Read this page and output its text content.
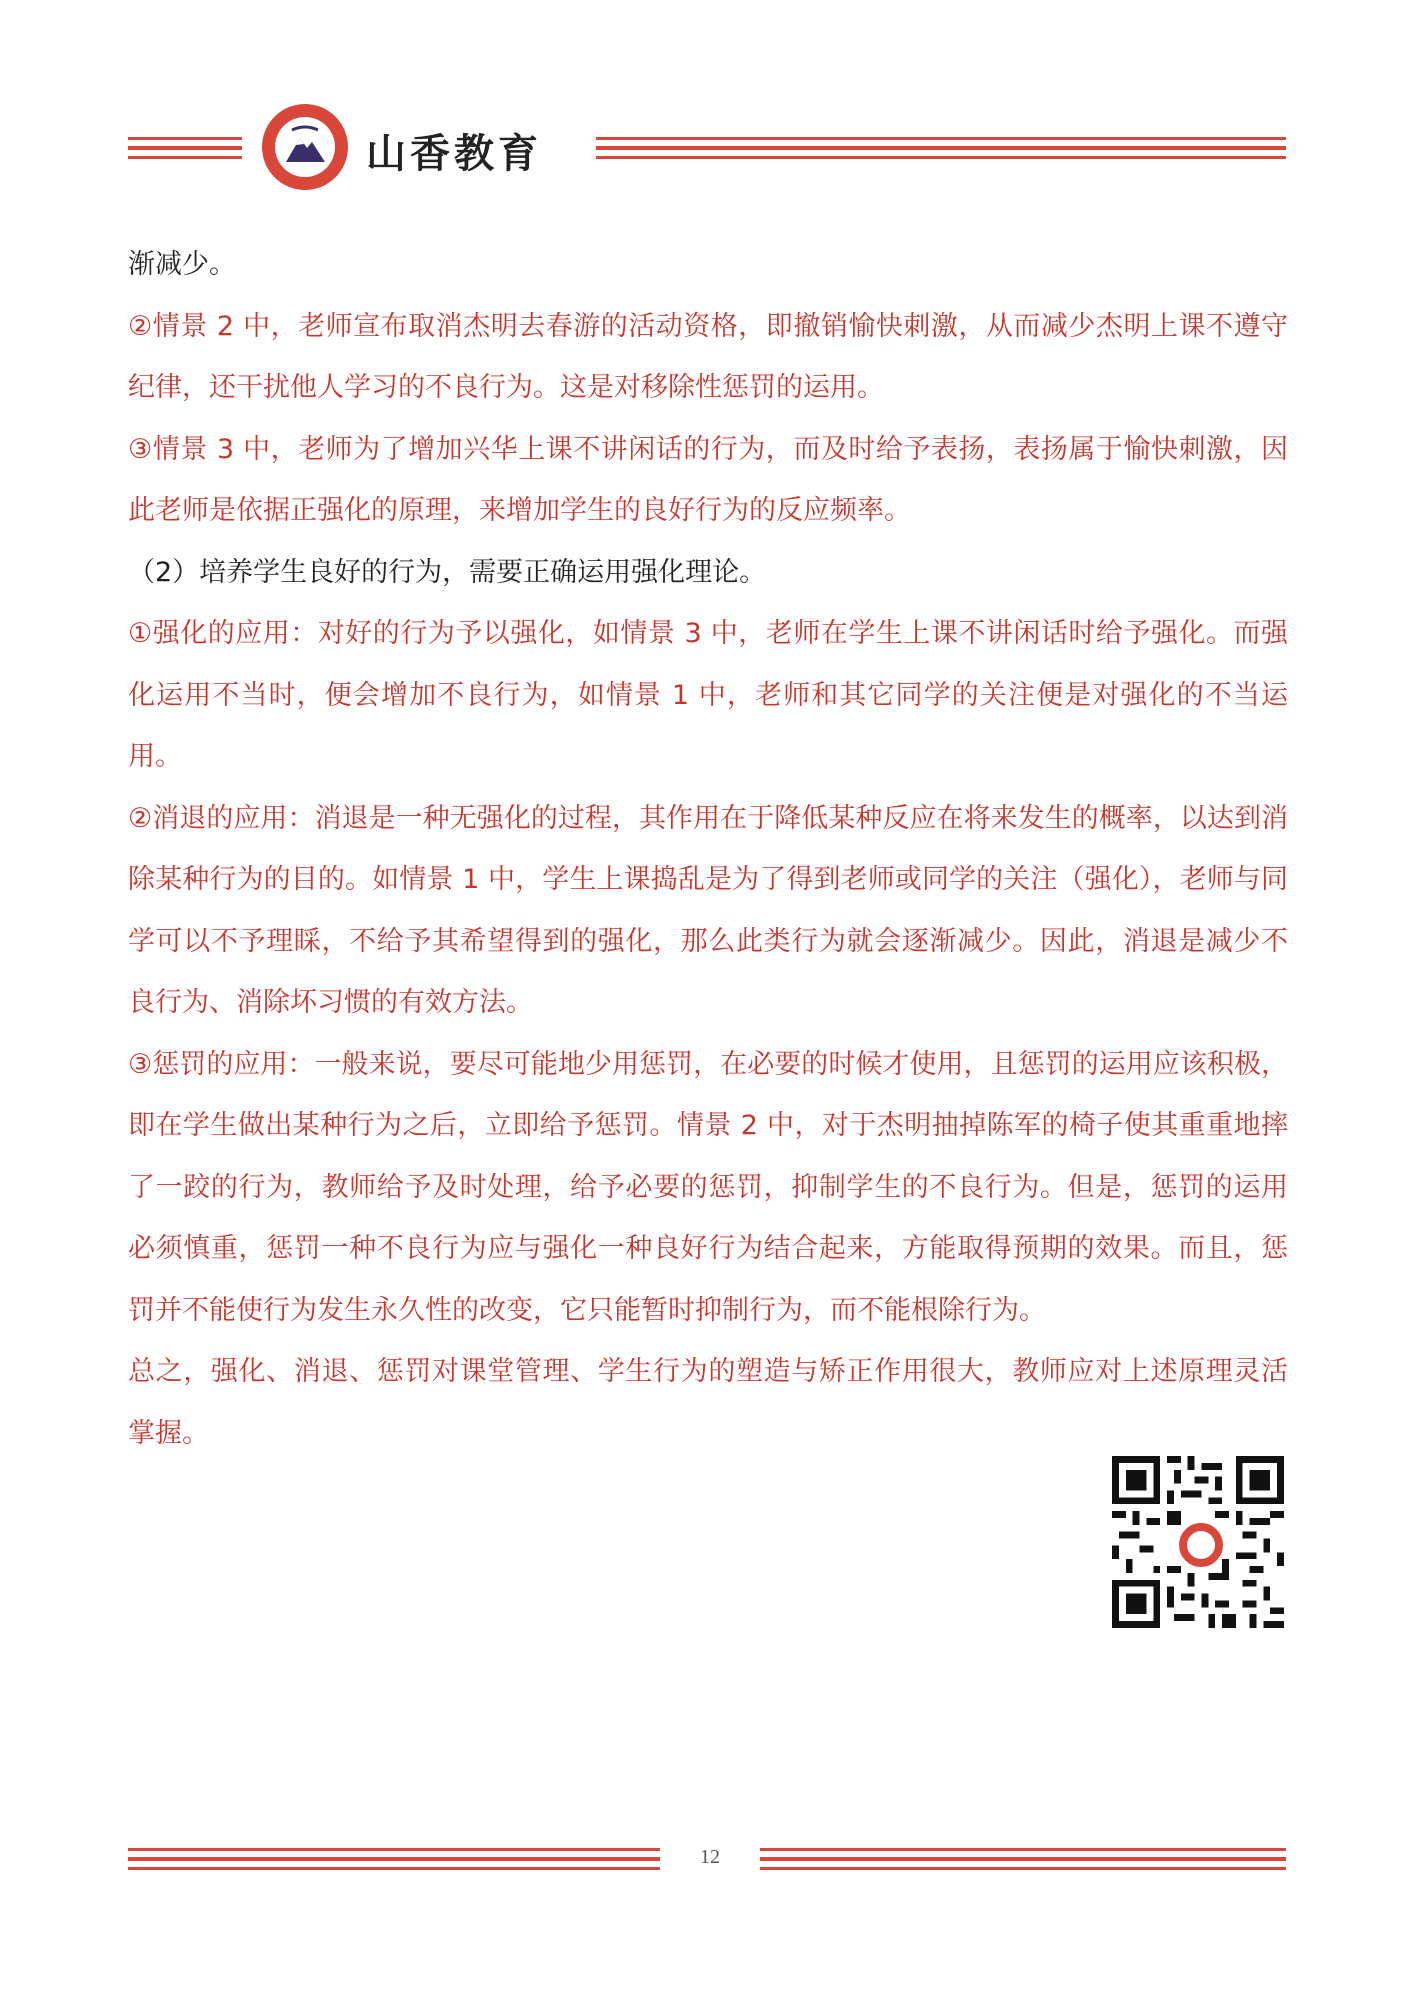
山香教育

渐减少。

②情景 2 中，老师宣布取消杰明去春游的活动资格，即撤销愉快刺激，从而减少杰明上课不遵守纪律，还干扰他人学习的不良行为。这是对移除性惩罚的运用。

③情景 3 中，老师为了增加兴华上课不讲闲话的行为，而及时给予表扬，表扬属于愉快刺激，因此老师是依据正强化的原理，来增加学生的良好行为的反应频率。

（2）培养学生良好的行为，需要正确运用强化理论。

①强化的应用：对好的行为予以强化，如情景 3 中，老师在学生上课不讲闲话时给予强化。而强化运用不当时，便会增加不良行为，如情景 1 中，老师和其它同学的关注便是对强化的不当运用。

②消退的应用：消退是一种无强化的过程，其作用在于降低某种反应在将来发生的概率，以达到消除某种行为的目的。如情景 1 中，学生上课捣乱是为了得到老师或同学的关注（强化），老师与同学可以不予理睬，不给予其希望得到的强化，那么此类行为就会逐渐减少。因此，消退是减少不良行为、消除坏习惯的有效方法。

③惩罚的应用：一般来说，要尽可能地少用惩罚，在必要的时候才使用，且惩罚的运用应该积极，即在学生做出某种行为之后，立即给予惩罚。情景 2 中，对于杰明抽掉陈军的椅子使其重重地摔了一跤的行为，教师给予及时处理，给予必要的惩罚，抑制学生的不良行为。但是，惩罚的运用必须慎重，惩罚一种不良行为应与强化一种良好行为结合起来，方能取得预期的效果。而且，惩罚并不能使行为发生永久性的改变，它只能暂时抑制行为，而不能根除行为。

总之，强化、消退、惩罚对课堂管理、学生行为的塑造与矫正作用很大，教师应对上述原理灵活掌握。

12
